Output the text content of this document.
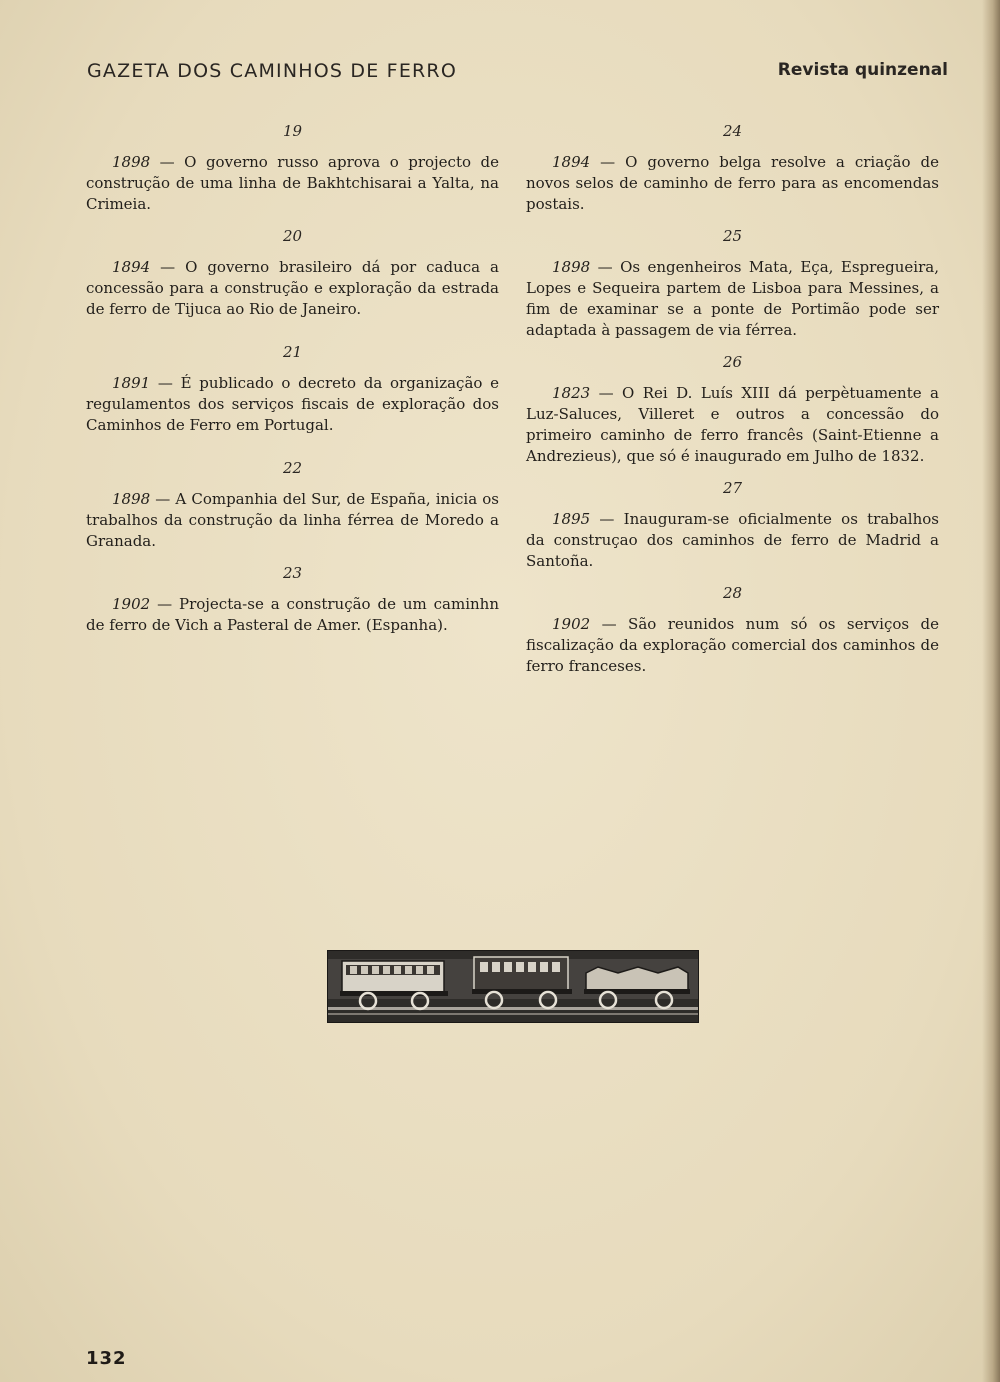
GAZETA DOS CAMINHOS DE FERRO	Revista quinzenal
19

1898 — O governo russo aprova o projecto de construção de uma linha de Bakhtchisarai a Yalta, na Crimeia.

20

1894 — O governo brasileiro dá por caduca a concessão para a construção e exploração da estrada de ferro de Tijuca ao Rio de Janeiro.

21

1891 — É publicado o decreto da organização e regulamentos dos serviços fiscais de exploração dos Caminhos de Ferro em Portugal.

22

1898 — A Companhia del Sur, de España, inicia os trabalhos da construção da linha férrea de Moredo a Granada.

23

1902 — Projecta-se a construção de um caminhn de ferro de Vich a Pasteral de Amer. (Espanha).

24

1894 — O governo belga resolve a criação de novos selos de caminho de ferro para as encomendas postais.

25

1898 — Os engenheiros Mata, Eça, Espregueira, Lopes e Sequeira partem de Lisboa para Messines, a fim de examinar se a ponte de Portimão pode ser adaptada à passagem de via férrea.

26

1823 — O Rei D. Luís XIII dá perpètuamente a Luz-Saluces, Villeret e outros a concessão do primeiro caminho de ferro francês (Saint-Etienne a Andrezieus), que só é inaugurado em Julho de 1832.

27

1895 — Inauguram-se oficialmente os trabalhos da construçao dos caminhos de ferro de Madrid a Santoña.

28

1902 — São reunidos num só os serviços de fiscalização da exploração comercial dos caminhos de ferro franceses.

132
